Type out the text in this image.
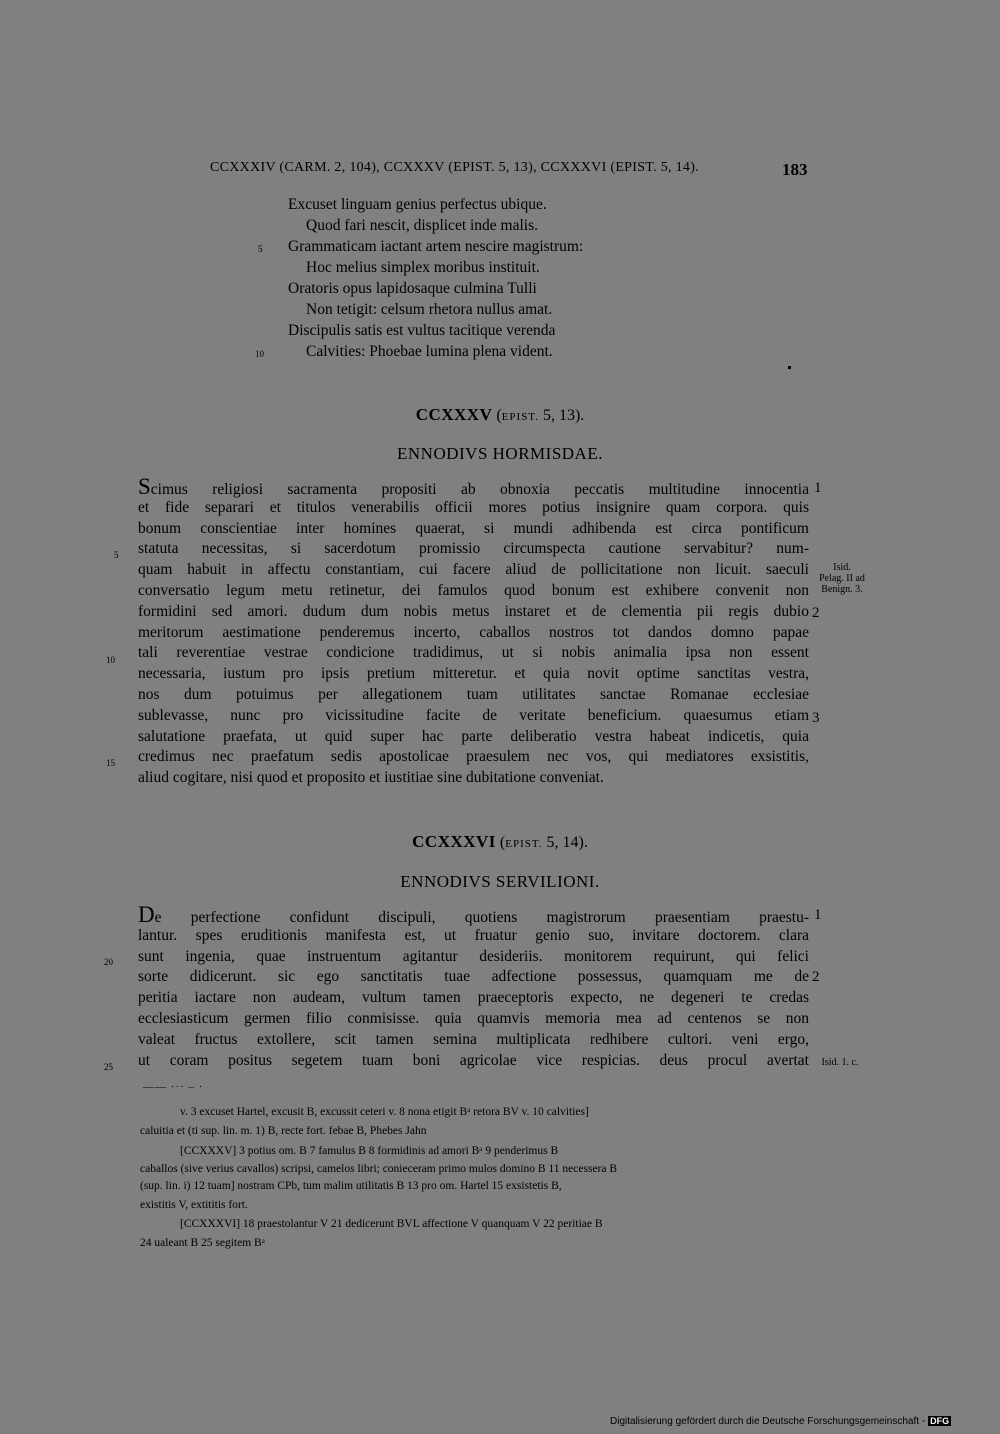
CCXXXIV (CARM. 2, 104), CCXXXV (EPIST. 5, 13), CCXXXVI (EPIST. 5, 14).	183
Excuset linguam genius perfectus ubique.
Quod fari nescit, displicet inde malis.
Grammaticam iactant artem nescire magistrum:
Hoc melius simplex moribus instituit.
Oratoris opus lapidosaque culmina Tulli
Non tetigit: celsum rhetora nullus amat.
Discipulis satis est vultus tacitique verenda
Calvities: Phoebae lumina plena vident.
5
10
CCXXXV (EPIST. 5, 13).
ENNODIVS HORMISDAE.
Scimus religiosi sacramenta propositi ab obnoxia peccatis multitudine innocentia
et fide separari et titulos venerabilis officii mores potius insignire quam corpora. quis
bonum conscientiae inter homines quaerat, si mundi adhibenda est circa pontificum
statuta necessitas, si sacerdotum promissio circumspecta cautione servabitur? num-
quam habuit in affectu constantiam, cui facere aliud de pollicitatione non licuit. saeculi
conversatio legum metu retinetur, dei famulos quod bonum est exhibere convenit non
formidini sed amori. dudum dum nobis metus instaret et de clementia pii regis dubio
meritorum aestimatione penderemus incerto, caballos nostros tot dandos domno papae
tali reverentiae vestrae condicione tradidimus, ut si nobis animalia ipsa non essent
necessaria, iustum pro ipsis pretium mitteretur. et quia novit optime sanctitas vestra,
nos dum potuimus per allegationem tuam utilitates sanctae Romanae ecclesiae
sublevasse, nunc pro vicissitudine facite de veritate beneficium. quaesumus etiam
salutatione praefata, ut quid super hac parte deliberatio vestra habeat indicetis, quia
credimus nec praefatum sedis apostolicae praesulem nec vos, qui mediatores exsistitis,
aliud cogitare, nisi quod et proposito et iustitiae sine dubitatione conveniat.
1
2
3
5
10
15
Isid.
Pelag. II ad
Benign. 3.
CCXXXVI (EPIST. 5, 14).
ENNODIVS SERVILIONI.
De perfectione confidunt discipuli, quotiens magistrorum praesentiam praestu-
lantur. spes eruditionis manifesta est, ut fruatur genio suo, invitare doctorem. clara
sunt ingenia, quae instruentum agitantur desideriis. monitorem requirunt, qui felici
sorte didicerunt. sic ego sanctitatis tuae adfectione possessus, quamquam me de
peritia iactare non audeam, vultum tamen praeceptoris expecto, ne degeneri te credas
ecclesiasticum germen filio conmisisse. quia quamvis memoria mea ad centenos se non
valeat fructus extollere, scit tamen semina multiplicata redhibere cultori. veni ergo,
ut coram positus segetem tuam boni agricolae vice respicias. deus procul avertat
1
2
20
25	Isid. 1. c.
—— ··· – ·
v. 3 excuset Hartel, excusit B, excussit ceteri v. 8 nona etigit Bᵃ retora BV v. 10 calvities]
caluitia et (ti sup. lin. m. 1) B, recte fort. febae B, Phebes Jahn
[CCXXXV] 3 potius om. B 7 famulus B 8 formidinis ad amori Bᵃ 9 penderimus B
caballos (sive verius cavallos) scripsi, camelos libri; conieceram primo mulos domino B 11 necessera B
(sup. lin. i) 12 tuam] nostram CPb, tum malim utilitatis B 13 pro om. Hartel 15 exsistetis B,
existitis V, extititis fort.
[CCXXXVI] 18 praestolantur V 21 dedicerunt BVL affectione V quanquam V 22 peritiae B
24 ualeant B 25 segitem Bᵃ
Digitalisierung gefördert durch die Deutsche Forschungsgemeinschaft - DFG
